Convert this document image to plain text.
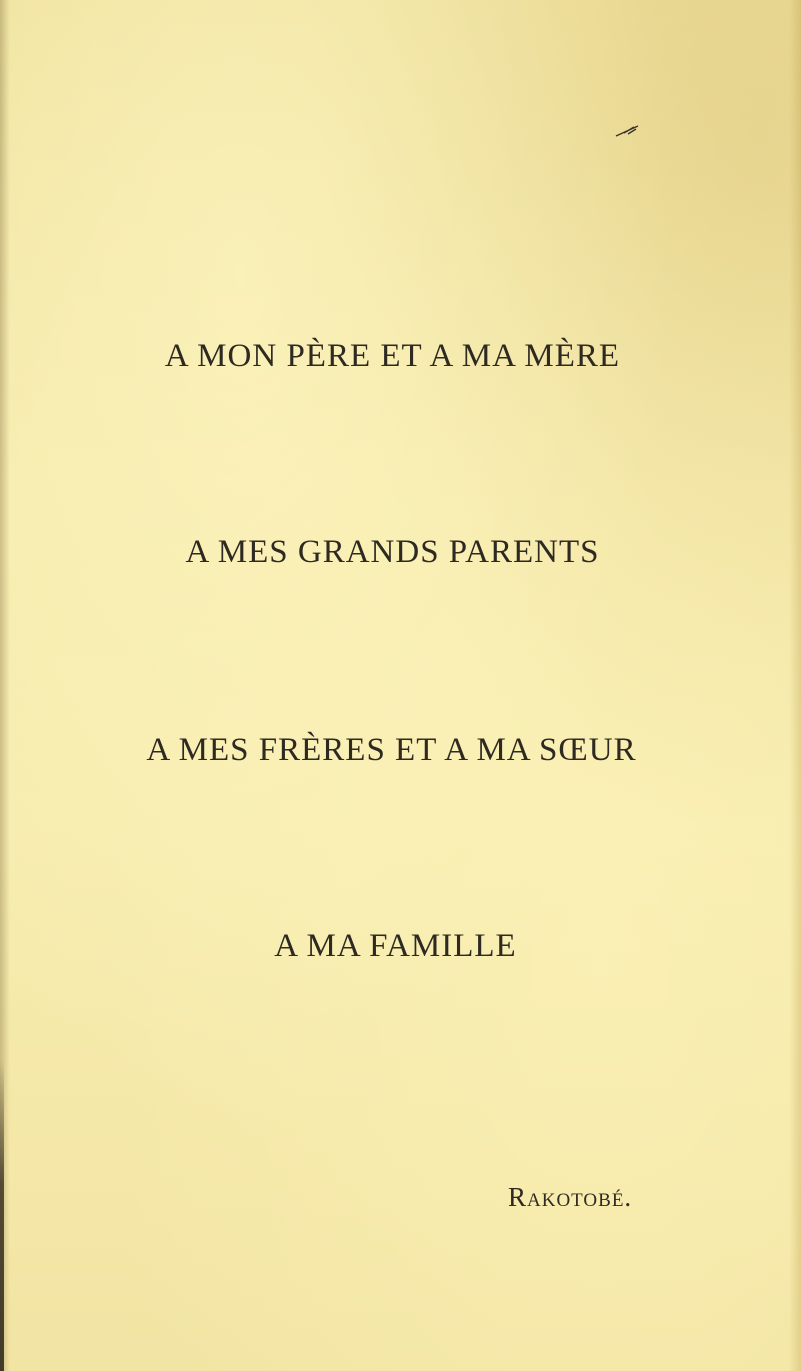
A MON PÈRE ET A MA MÈRE

A MES GRANDS PARENTS

A MES FRÈRES ET A MA SŒUR

A MA FAMILLE

Rakotobé.
